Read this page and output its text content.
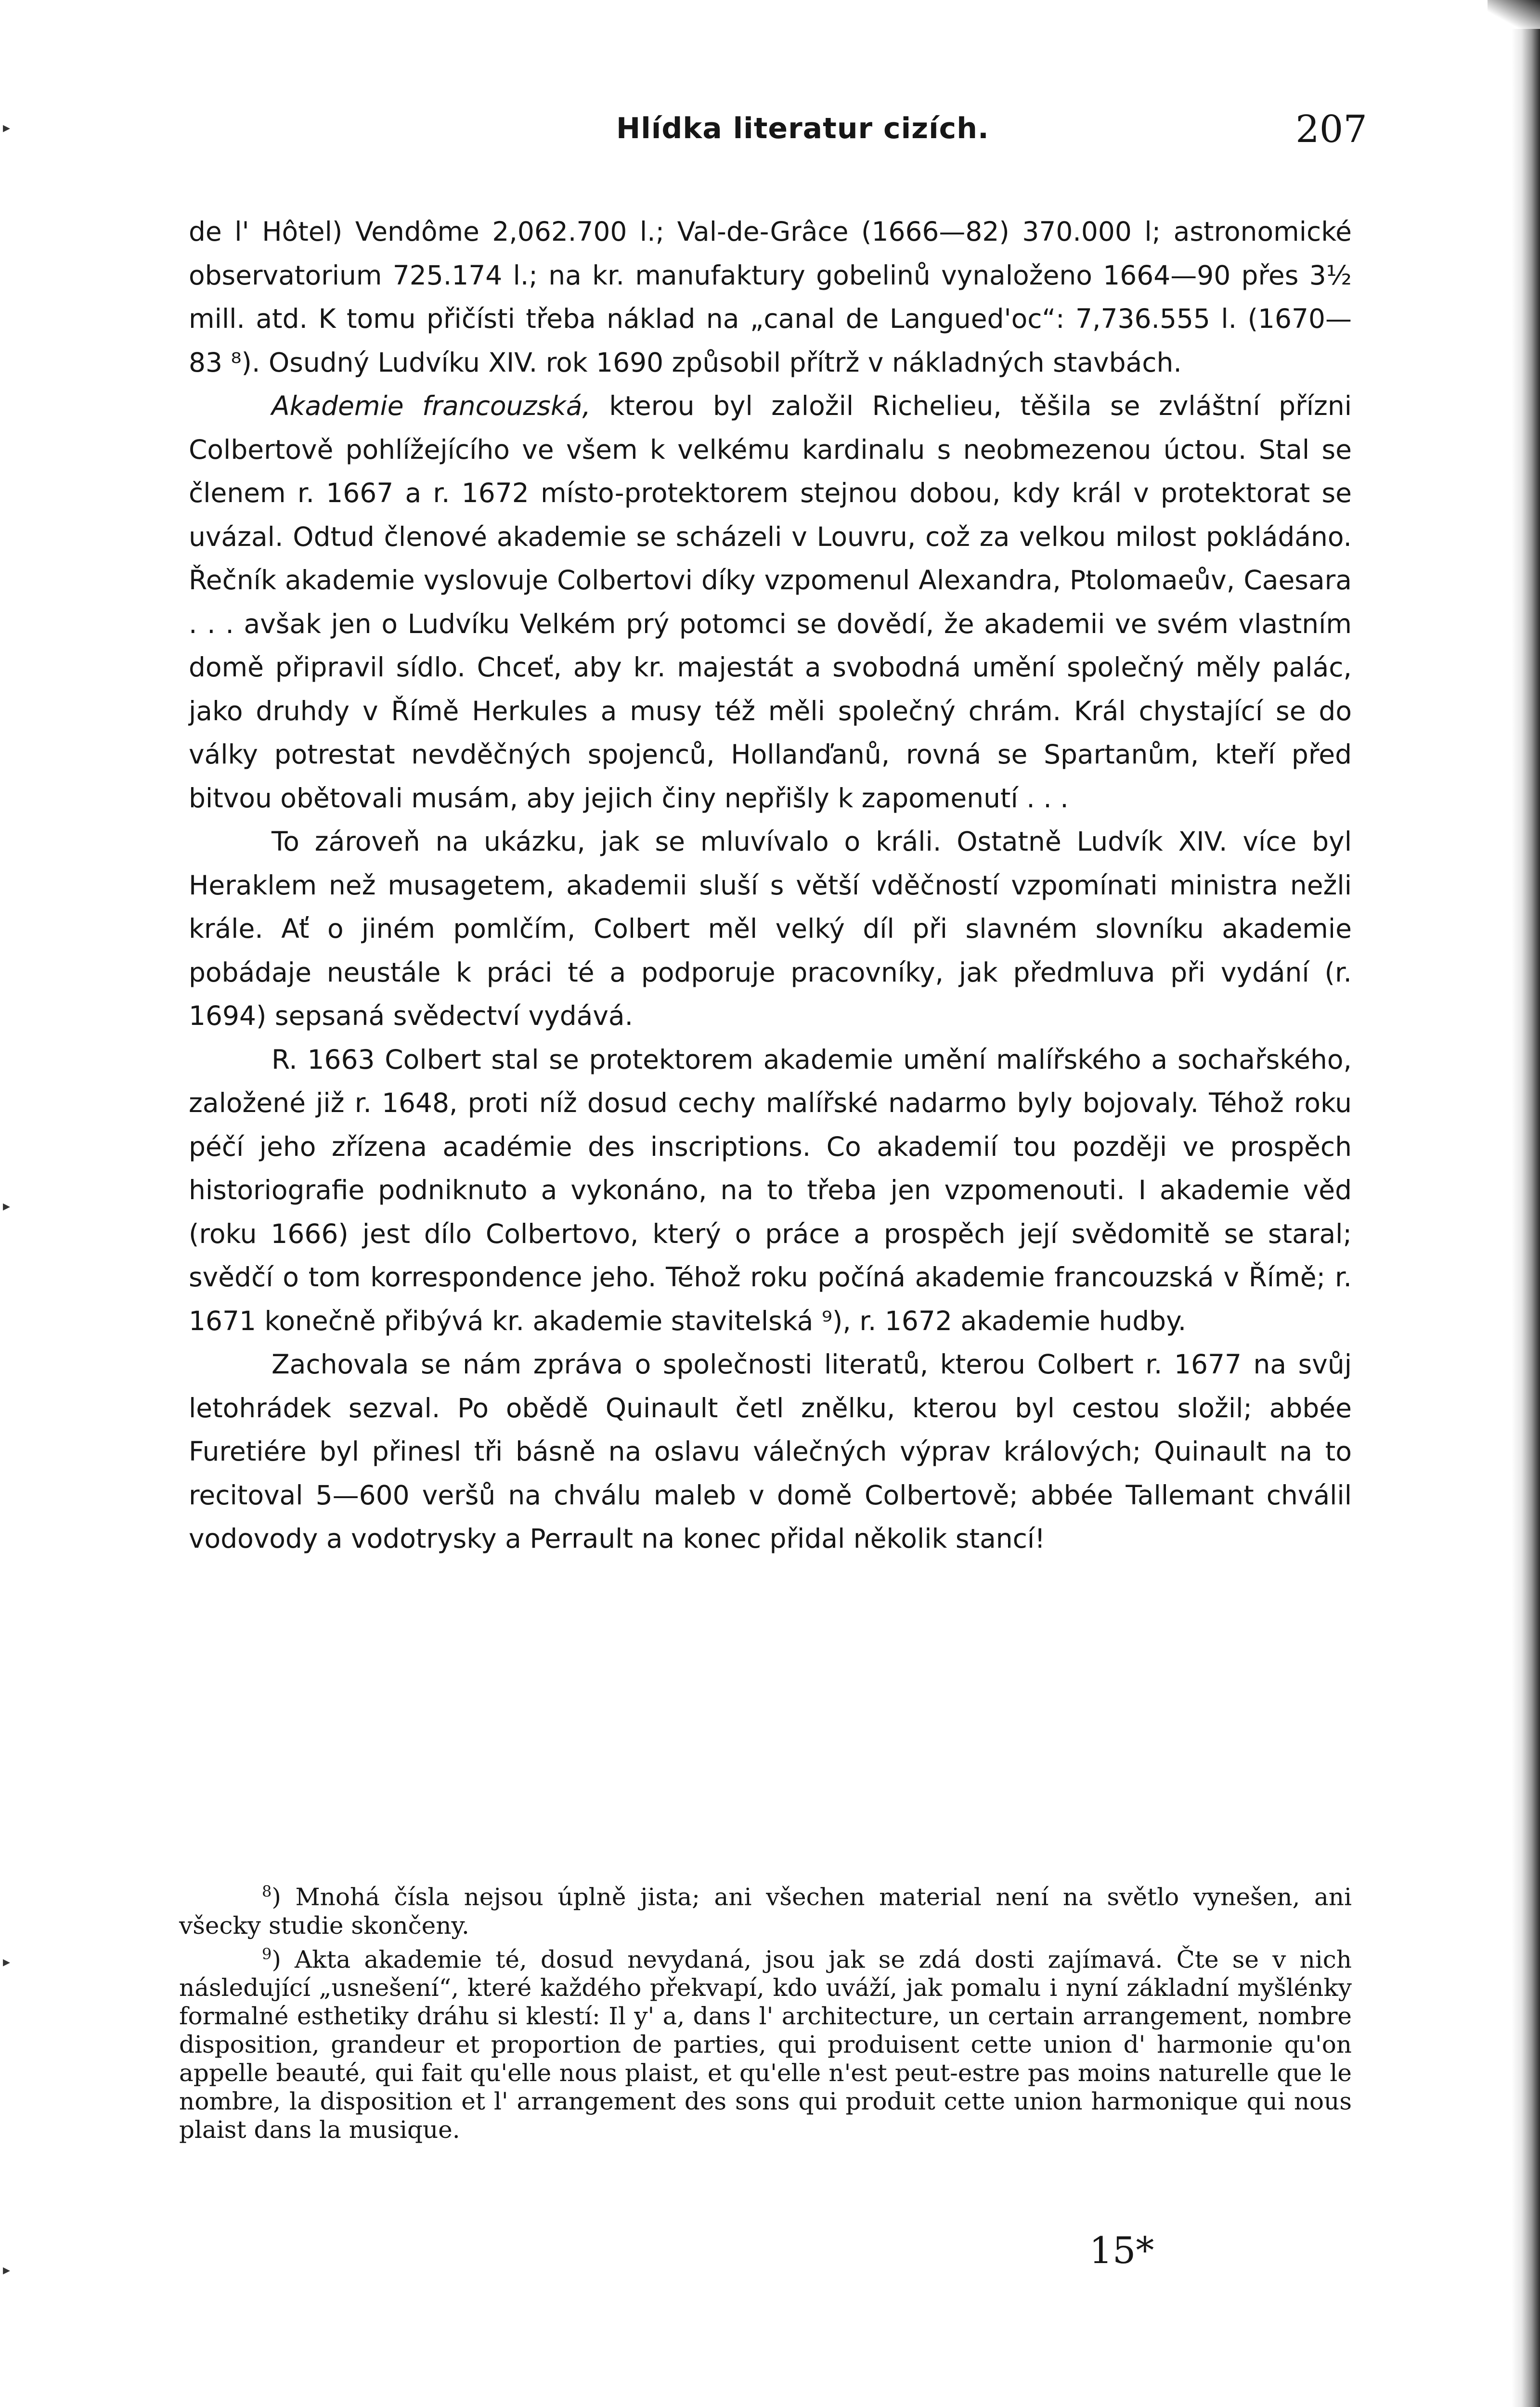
▸
▸
▸
▸
Hlídka literatur cizích.	207

de l' Hôtel) Vendôme 2,062.700 l.; Val-de-Grâce (1666—82) 370.000 l; astronomické observatorium 725.174 l.; na kr. manufaktury gobelinů vynaloženo 1664—90 přes 3½ mill. atd. K tomu přičísti třeba náklad na „canal de Langued'oc“: 7,736.555 l. (1670—83 ⁸). Osudný Ludvíku XIV. rok 1690 způsobil přítrž v nákladných stavbách.

Akademie francouzská, kterou byl založil Richelieu, těšila se zvláštní přízni Colbertově pohlížejícího ve všem k velkému kardinalu s neobmezenou úctou. Stal se členem r. 1667 a r. 1672 místo-protektorem stejnou dobou, kdy král v protektorat se uvázal. Odtud členové akademie se scházeli v Louvru, což za velkou milost pokládáno. Řečník akademie vyslovuje Colbertovi díky vzpomenul Alexandra, Ptolomaeův, Caesara . . . avšak jen o Ludvíku Velkém prý potomci se dovědí, že akademii ve svém vlastním domě připravil sídlo. Chceť, aby kr. majestát a svobodná umění společný měly palác, jako druhdy v Římě Herkules a musy též měli společný chrám. Král chystající se do války potrestat nevděčných spojenců, Hollanďanů, rovná se Spartanům, kteří před bitvou obětovali musám, aby jejich činy nepřišly k zapomenutí . . .

To zároveň na ukázku, jak se mluvívalo o králi. Ostatně Ludvík XIV. více byl Heraklem než musagetem, akademii sluší s větší vděčností vzpomínati ministra nežli krále. Ať o jiném pomlčím, Colbert měl velký díl při slavném slovníku akademie pobádaje neustále k práci té a podporuje pracovníky, jak předmluva při vydání (r. 1694) sepsaná svědectví vydává.

R. 1663 Colbert stal se protektorem akademie umění malířského a sochařského, založené již r. 1648, proti níž dosud cechy malířské nadarmo byly bojovaly. Téhož roku péčí jeho zřízena académie des inscriptions. Co akademií tou později ve prospěch historiografie podniknuto a vykonáno, na to třeba jen vzpomenouti. I akademie věd (roku 1666) jest dílo Colbertovo, který o práce a prospěch její svědomitě se staral; svědčí o tom korrespondence jeho. Téhož roku počíná akademie francouzská v Římě; r. 1671 konečně přibývá kr. akademie stavitelská ⁹), r. 1672 akademie hudby.

Zachovala se nám zpráva o společnosti literatů, kterou Colbert r. 1677 na svůj letohrádek sezval. Po obědě Quinault četl znělku, kterou byl cestou složil; abbée Furetiére byl přinesl tři básně na oslavu válečných výprav králových; Quinault na to recitoval 5—600 veršů na chválu maleb v domě Colbertově; abbée Tallemant chválil vodovody a vodotrysky a Perrault na konec přidal několik stancí!

$^8$) Mnohá čísla nejsou úplně jista; ani všechen material není na světlo vynešen, ani všecky studie skončeny.

$^9$) Akta akademie té, dosud nevydaná, jsou jak se zdá dosti zajímavá. Čte se v nich následující „usnešení“, které každého překvapí, kdo uváží, jak pomalu i nyní základní myšlénky formalné esthetiky dráhu si klestí: Il y' a, dans l' architecture, un certain arrangement, nombre disposition, grandeur et proportion de parties, qui produisent cette union d' harmonie qu'on appelle beauté, qui fait qu'elle nous plaist, et qu'elle n'est peut-estre pas moins naturelle que le nombre, la disposition et l' arrangement des sons qui produit cette union harmonique qui nous plaist dans la musique.

15*
